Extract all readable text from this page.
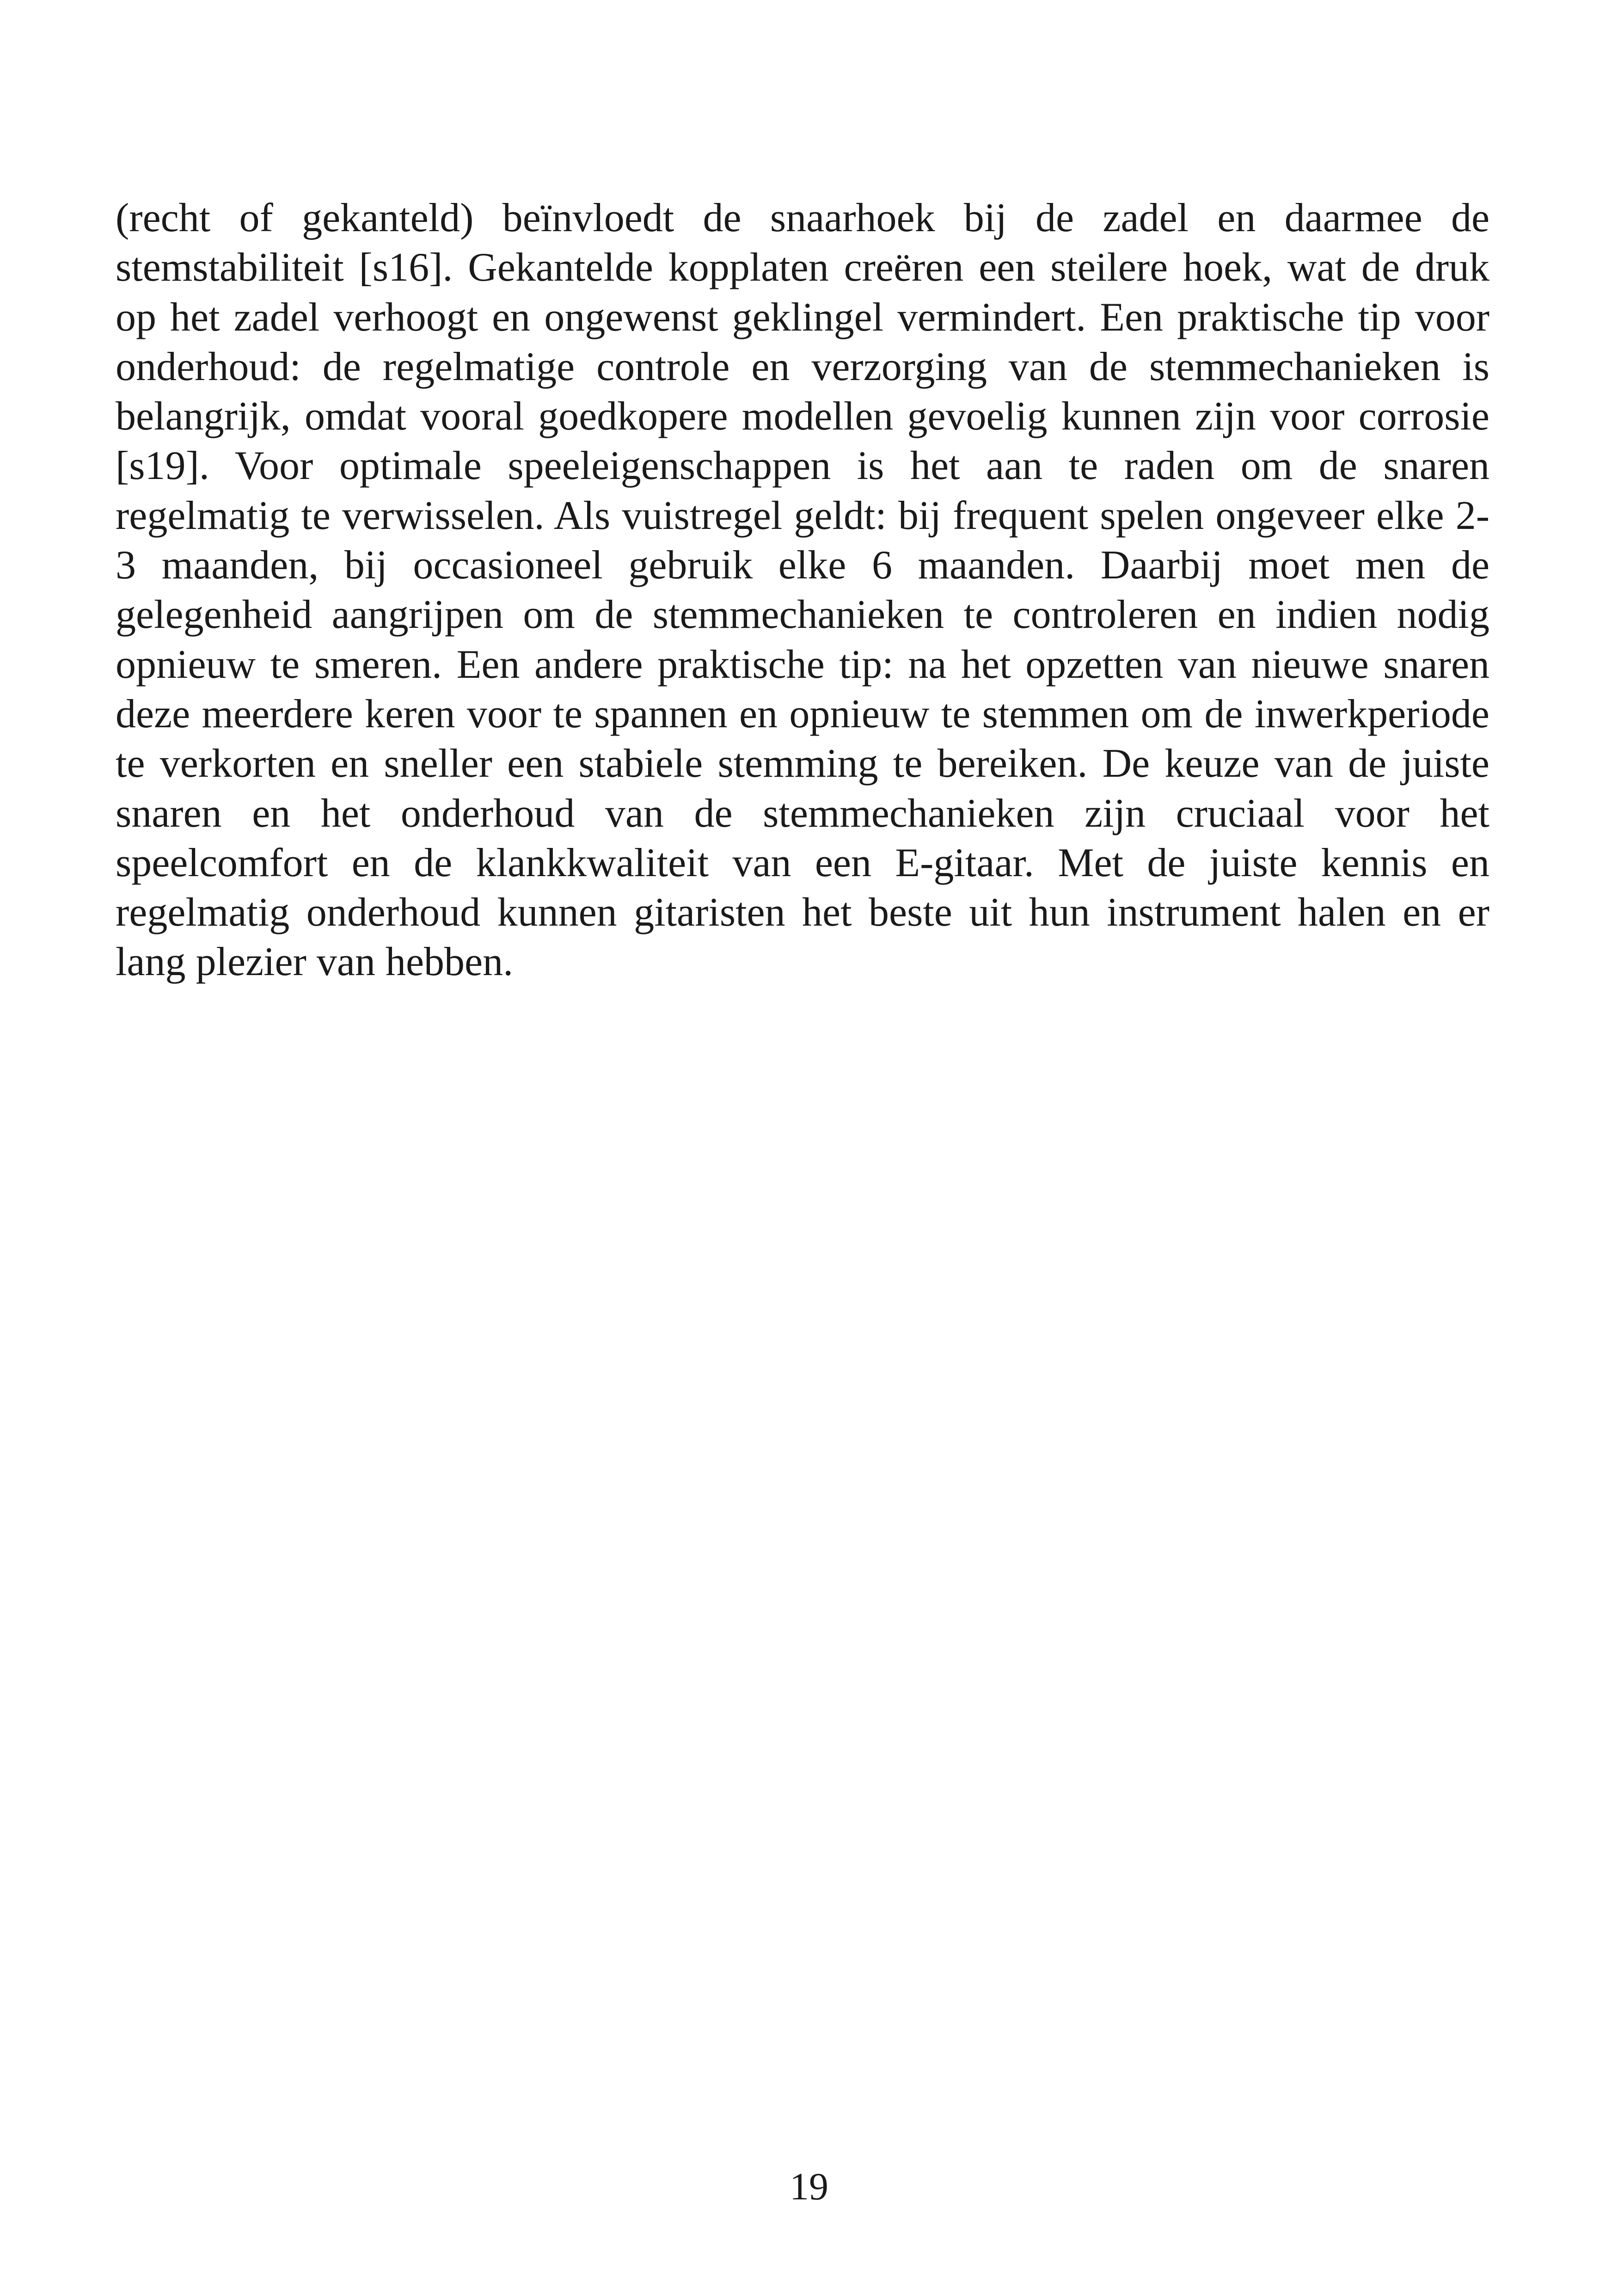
(recht of gekanteld) beïnvloedt de snaarhoek bij de zadel en daarmee de stemstabiliteit [s16]. Gekantelde kopplaten creëren een steilere hoek, wat de druk op het zadel verhoogt en ongewenst geklingel vermindert. Een praktische tip voor onderhoud: de regelmatige controle en verzorging van de stemmechanieken is belangrijk, omdat vooral goedkopere modellen gevoelig kunnen zijn voor corrosie [s19]. Voor optimale speeleigenschappen is het aan te raden om de snaren regelmatig te verwisselen. Als vuistregel geldt: bij frequent spelen ongeveer elke 2-3 maanden, bij occasioneel gebruik elke 6 maanden. Daarbij moet men de gelegenheid aangrijpen om de stemmechanieken te controleren en indien nodig opnieuw te smeren. Een andere praktische tip: na het opzetten van nieuwe snaren deze meerdere keren voor te spannen en opnieuw te stemmen om de inwerkperiode te verkorten en sneller een stabiele stemming te bereiken. De keuze van de juiste snaren en het onderhoud van de stemmechanieken zijn cruciaal voor het speelcomfort en de klankkwaliteit van een E-gitaar. Met de juiste kennis en regelmatig onderhoud kunnen gitaristen het beste uit hun instrument halen en er lang plezier van hebben.

19
